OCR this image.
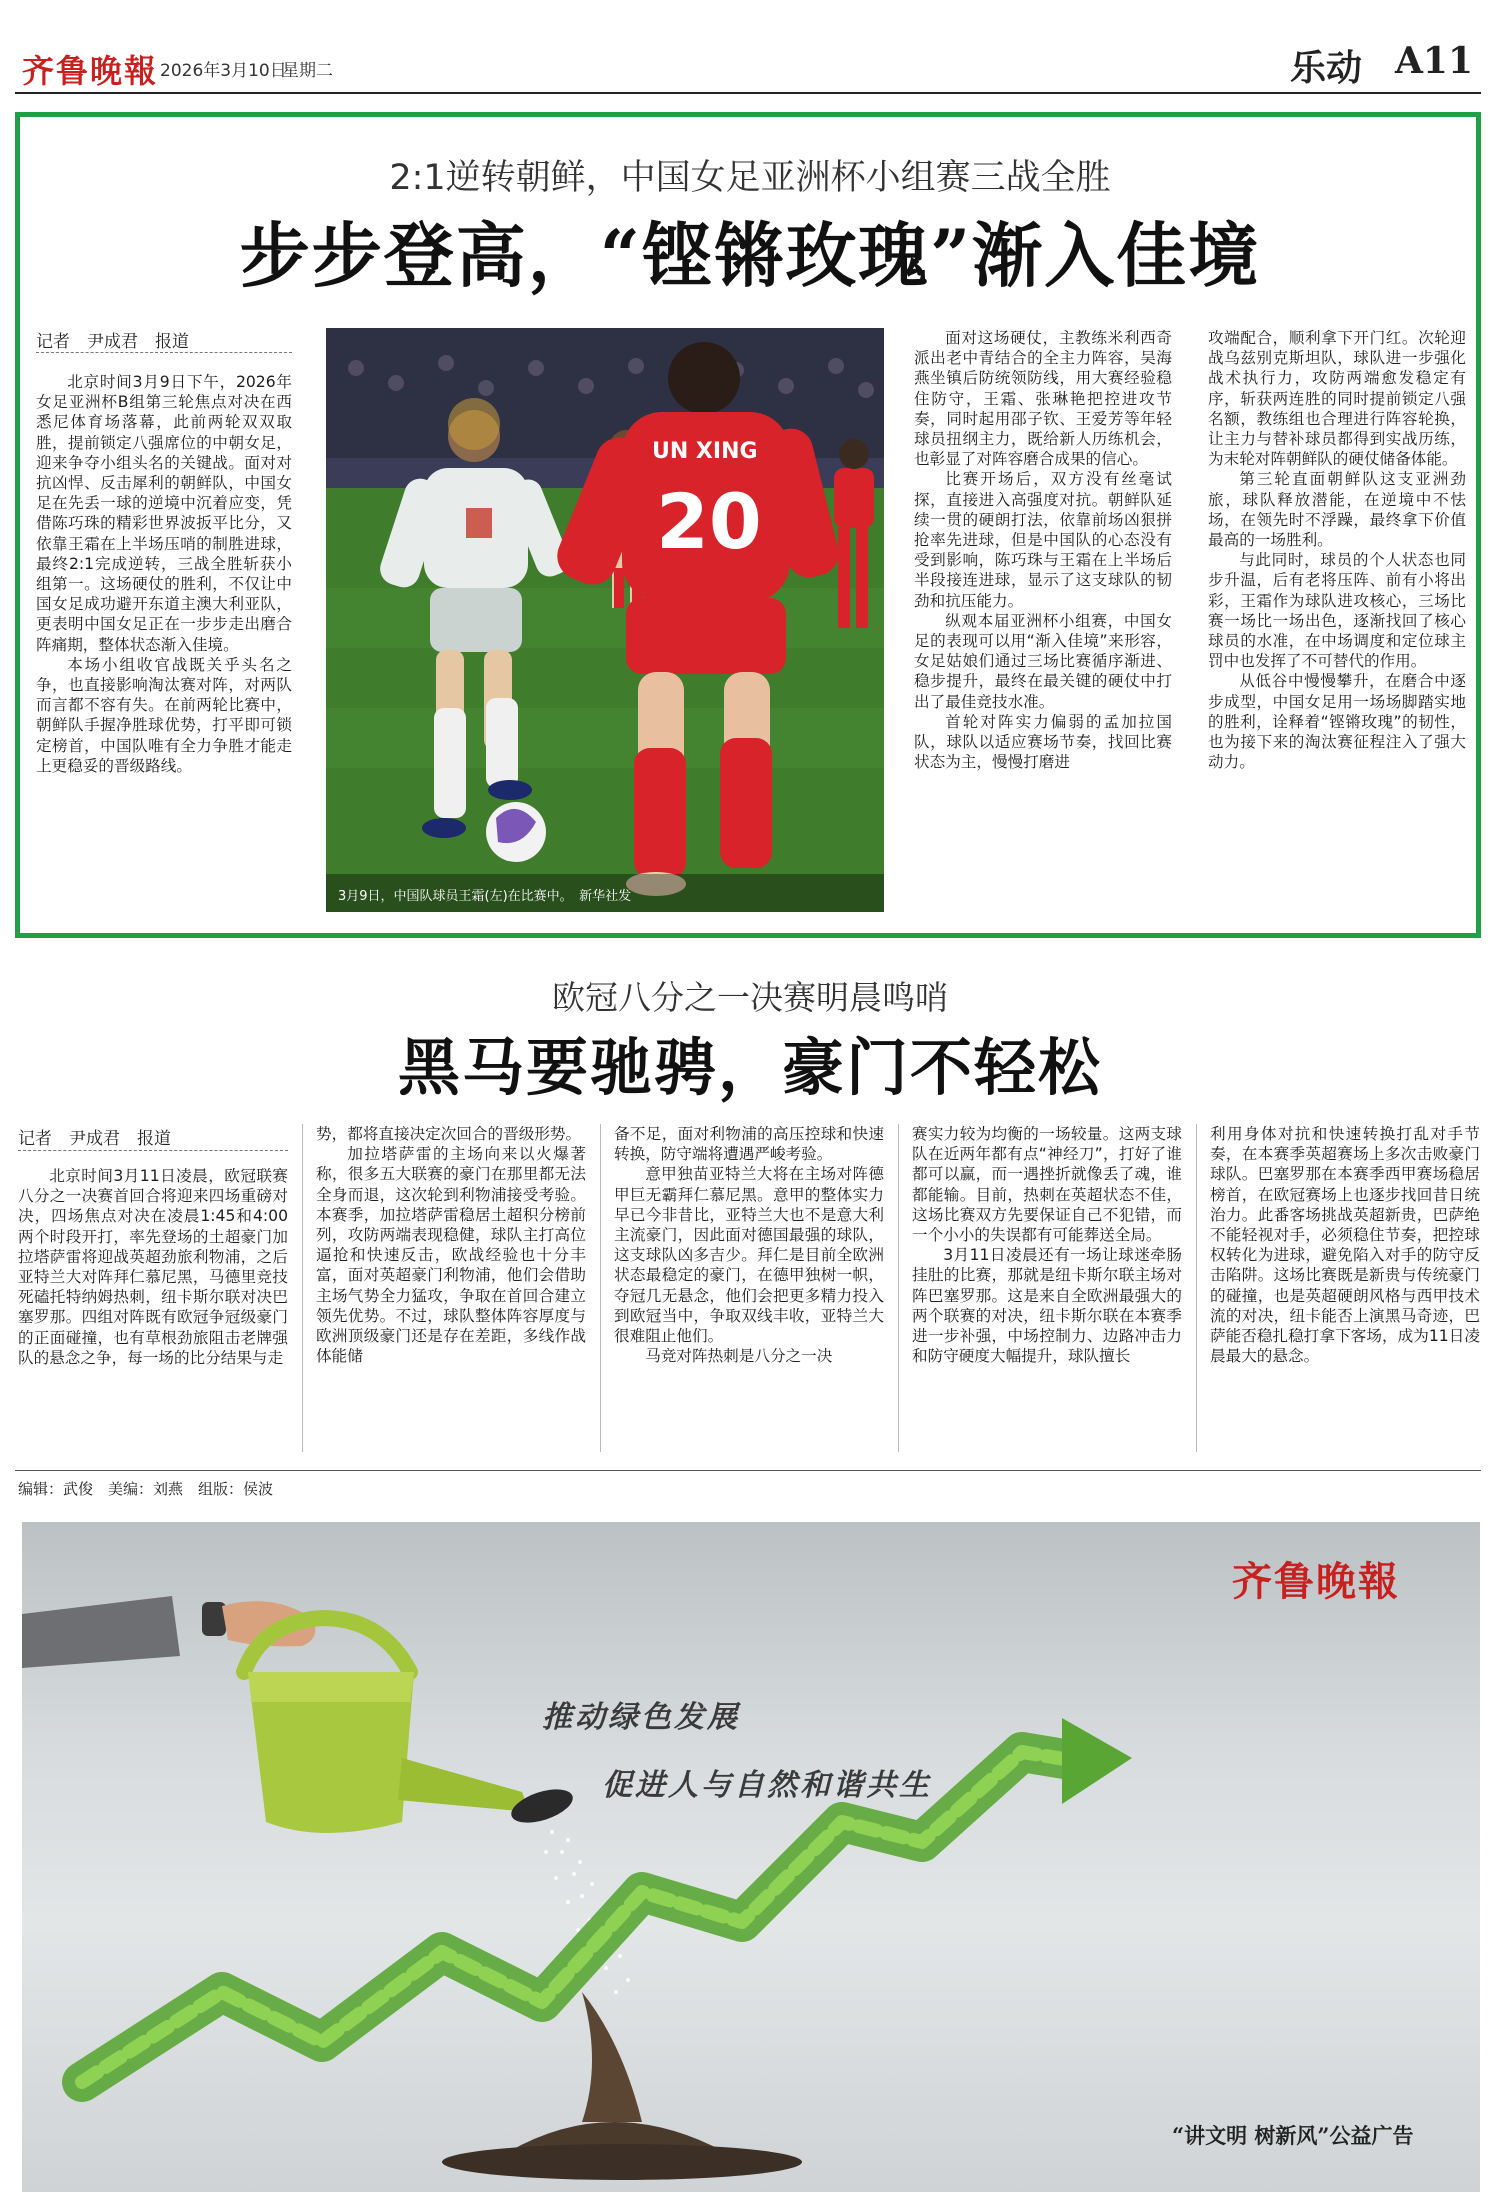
齐鲁晚報 2026年3月10日
星期二	乐动 A11
2:1逆转朝鲜，中国女足亚洲杯小组赛三战全胜
步步登高，“铿锵玫瑰”渐入佳境
记者　尹成君　报道

北京时间3月9日下午，2026年女足亚洲杯B组第三轮焦点对决在西悉尼体育场落幕，此前两轮双双取胜，提前锁定八强席位的中朝女足，迎来争夺小组头名的关键战。面对对抗凶悍、反击犀利的朝鲜队，中国女足在先丢一球的逆境中沉着应变，凭借陈巧珠的精彩世界波扳平比分，又依靠王霜在上半场压哨的制胜进球，最终2:1完成逆转，三战全胜斩获小组第一。这场硬仗的胜利，不仅让中国女足成功避开东道主澳大利亚队，更表明中国女足正在一步步走出磨合阵痛期，整体状态渐入佳境。

本场小组收官战既关乎头名之争，也直接影响淘汰赛对阵，对两队而言都不容有失。在前两轮比赛中，朝鲜队手握净胜球优势，打平即可锁定榜首，中国队唯有全力争胜才能走上更稳妥的晋级路线。

UN XING
20
3月9日，中国队球员王霜(左)在比赛中。　新华社发

面对这场硬仗，主教练米利西奇派出老中青结合的全主力阵容，吴海燕坐镇后防统领防线，用大赛经验稳住防守，王霜、张琳艳把控进攻节奏，同时起用邵子钦、王爱芳等年轻球员扭纲主力，既给新人历练机会，也彰显了对阵容磨合成果的信心。

比赛开场后，双方没有丝毫试探，直接进入高强度对抗。朝鲜队延续一贯的硬朗打法，依靠前场凶狠拼抢率先进球，但是中国队的心态没有受到影响，陈巧珠与王霜在上半场后半段接连进球，显示了这支球队的韧劲和抗压能力。

纵观本届亚洲杯小组赛，中国女足的表现可以用“渐入佳境”来形容，女足姑娘们通过三场比赛循序渐进、稳步提升，最终在最关键的硬仗中打出了最佳竞技水准。

首轮对阵实力偏弱的孟加拉国队，球队以适应赛场节奏，找回比赛状态为主，慢慢打磨进

攻端配合，顺利拿下开门红。次轮迎战乌兹别克斯坦队，球队进一步强化战术执行力，攻防两端愈发稳定有序，斩获两连胜的同时提前锁定八强名额，教练组也合理进行阵容轮换，让主力与替补球员都得到实战历练，为末轮对阵朝鲜队的硬仗储备体能。

第三轮直面朝鲜队这支亚洲劲旅，球队释放潜能，在逆境中不怯场，在领先时不浮躁，最终拿下价值最高的一场胜利。

与此同时，球员的个人状态也同步升温，后有老将压阵、前有小将出彩，王霜作为球队进攻核心，三场比赛一场比一场出色，逐渐找回了核心球员的水准，在中场调度和定位球主罚中也发挥了不可替代的作用。

从低谷中慢慢攀升，在磨合中逐步成型，中国女足用一场场脚踏实地的胜利，诠释着“铿锵玫瑰”的韧性，也为接下来的淘汰赛征程注入了强大动力。

欧冠八分之一决赛明晨鸣哨
黑马要驰骋，豪门不轻松
记者　尹成君　报道

北京时间3月11日凌晨，欧冠联赛八分之一决赛首回合将迎来四场重磅对决，四场焦点对决在凌晨1:45和4:00两个时段开打，率先登场的土超豪门加拉塔萨雷将迎战英超劲旅利物浦，之后亚特兰大对阵拜仁慕尼黑，马德里竞技死磕托特纳姆热刺，纽卡斯尔联对决巴塞罗那。四组对阵既有欧冠争冠级豪门的正面碰撞，也有草根劲旅阻击老牌强队的悬念之争，每一场的比分结果与走

势，都将直接决定次回合的晋级形势。

加拉塔萨雷的主场向来以火爆著称，很多五大联赛的豪门在那里都无法全身而退，这次轮到利物浦接受考验。本赛季，加拉塔萨雷稳居土超积分榜前列，攻防两端表现稳健，球队主打高位逼抢和快速反击，欧战经验也十分丰富，面对英超豪门利物浦，他们会借助主场气势全力猛攻，争取在首回合建立领先优势。不过，球队整体阵容厚度与欧洲顶级豪门还是存在差距，多线作战体能储

备不足，面对利物浦的高压控球和快速转换，防守端将遭遇严峻考验。

意甲独苗亚特兰大将在主场对阵德甲巨无霸拜仁慕尼黑。意甲的整体实力早已今非昔比，亚特兰大也不是意大利主流豪门，因此面对德国最强的球队，这支球队凶多吉少。拜仁是目前全欧洲状态最稳定的豪门，在德甲独树一帜，夺冠几无悬念，他们会把更多精力投入到欧冠当中，争取双线丰收，亚特兰大很难阻止他们。

马竞对阵热刺是八分之一决

赛实力较为均衡的一场较量。这两支球队在近两年都有点“神经刀”，打好了谁都可以赢，而一遇挫折就像丢了魂，谁都能输。目前，热刺在英超状态不佳，这场比赛双方先要保证自己不犯错，而一个小小的失误都有可能葬送全局。

3月11日凌晨还有一场让球迷牵肠挂肚的比赛，那就是纽卡斯尔联主场对阵巴塞罗那。这是来自全欧洲最强大的两个联赛的对决，纽卡斯尔联在本赛季进一步补强，中场控制力、边路冲击力和防守硬度大幅提升，球队擅长

利用身体对抗和快速转换打乱对手节奏，在本赛季英超赛场上多次击败豪门球队。巴塞罗那在本赛季西甲赛场稳居榜首，在欧冠赛场上也逐步找回昔日统治力。此番客场挑战英超新贵，巴萨绝不能轻视对手，必须稳住节奏，把控球权转化为进球，避免陷入对手的防守反击陷阱。这场比赛既是新贵与传统豪门的碰撞，也是英超硬朗风格与西甲技术流的对决，纽卡能否上演黑马奇迹，巴萨能否稳扎稳打拿下客场，成为11日凌晨最大的悬念。

编辑：武俊　美编：刘燕　组版：侯波
齐鲁晚報
推动绿色发展
促进人与自然和谐共生
“讲文明 树新风”公益广告
